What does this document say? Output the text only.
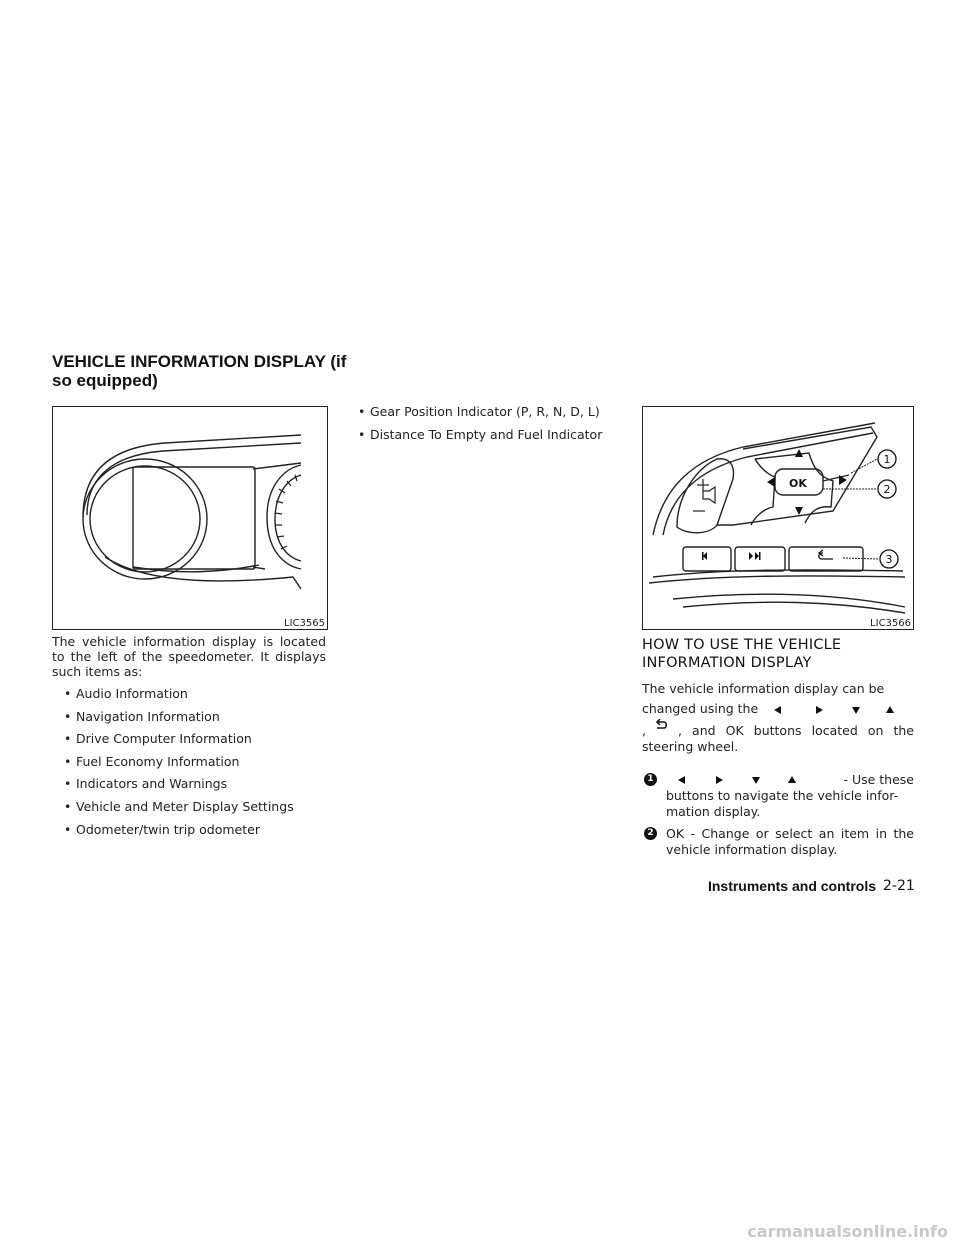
VEHICLE INFORMATION DISPLAY (if so equipped)
LIC3565
The vehicle information display is located to the left of the speedometer. It displays such items as:
• Audio Information
• Navigation Information
• Drive Computer Information
• Fuel Economy Information
• Indicators and Warnings
• Vehicle and Meter Display Settings
• Odometer/twin trip odometer
• Gear Position Indicator (P, R, N, D, L)
• Distance To Empty and Fuel Indicator
OK
1
2
3
LIC3566
HOW TO USE THE VEHICLE
INFORMATION DISPLAY
The vehicle information display can be
changed using the
,	, and OK buttons located on the
steering wheel.
1	- Use these
buttons to navigate the vehicle infor-
mation display.
2 OK - Change or select an item in the
vehicle information display.
Instruments and controls 2-21
carmanualsonline.info
